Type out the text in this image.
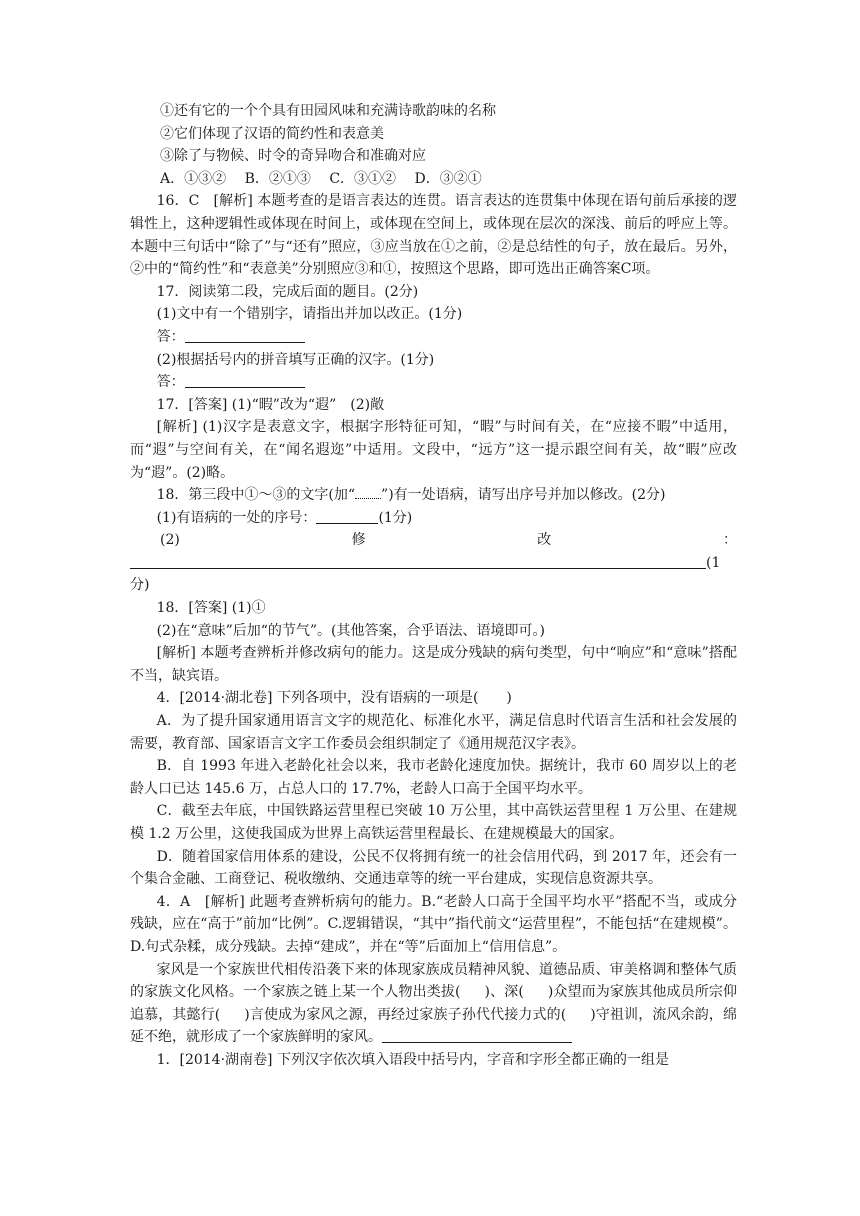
①还有它的一个个具有田园风味和充满诗歌韵味的名称

②它们体现了汉语的简约性和表意美

③除了与物候、时令的奇异吻合和准确对应

A．①③② B．②①③ C．③①② D．③②①

16．C　[解析] 本题考查的是语言表达的连贯。语言表达的连贯集中体现在语句前后承接的逻辑性上，这种逻辑性或体现在时间上，或体现在空间上，或体现在层次的深浅、前后的呼应上等。本题中三句话中“除了”与“还有”照应，③应当放在①之前，②是总结性的句子，放在最后。另外，②中的“简约性”和“表意美”分别照应③和①，按照这个思路，即可选出正确答案C项。

17．阅读第二段，完成后面的题目。(2分)

(1)文中有一个错别字，请指出并加以改正。(1分)

答：

(2)根据括号内的拼音填写正确的汉字。(1分)

答：

17．[答案] (1)“暇”改为“遐”　(2)敞

[解析] (1)汉字是表意文字，根据字形特征可知，“暇”与时间有关，在“应接不暇”中适用，而“遐”与空间有关，在“闻名遐迩”中适用。文段中，“远方”这一提示跟空间有关，故“暇”应改为“遐”。(2)略。

18．第三段中①～③的文字(加“ ”)有一处语病，请写出序号并加以修改。(2分)

(1)有语病的一处的序号：	(1分)

(2)	修	改	：

(1分)

18．[答案] (1)①

(2)在“意味”后加“的节气”。(其他答案，合乎语法、语境即可。)

[解析] 本题考查辨析并修改病句的能力。这是成分残缺的病句类型，句中“响应”和“意味”搭配不当，缺宾语。

4．[2014·湖北卷] 下列各项中，没有语病的一项是(　　)

A．为了提升国家通用语言文字的规范化、标准化水平，满足信息时代语言生活和社会发展的需要，教育部、国家语言文字工作委员会组织制定了《通用规范汉字表》。

B．自 1993 年进入老龄化社会以来，我市老龄化速度加快。据统计，我市 60 周岁以上的老龄人口已达 145.6 万，占总人口的 17.7%，老龄人口高于全国平均水平。

C．截至去年底，中国铁路运营里程已突破 10 万公里，其中高铁运营里程 1 万公里、在建规模 1.2 万公里，这使我国成为世界上高铁运营里程最长、在建规模最大的国家。

D．随着国家信用体系的建设，公民不仅将拥有统一的社会信用代码，到 2017 年，还会有一个集合金融、工商登记、税收缴纳、交通违章等的统一平台建成，实现信息资源共享。

4．A　[解析] 此题考查辨析病句的能力。B.“老龄人口高于全国平均水平”搭配不当，或成分残缺，应在“高于”前加“比例”。C.逻辑错误，“其中”指代前文“运营里程”，不能包括“在建规模”。D.句式杂糅，成分残缺。去掉“建成”，并在“等”后面加上“信用信息”。

家风是一个家族世代相传沿袭下来的体现家族成员精神风貌、道德品质、审美格调和整体气质的家族文化风格。一个家族之链上某一个人物出类拔( )、深( )众望而为家族其他成员所宗仰追慕，其懿行( )言使成为家风之源，再经过家族子孙代代接力式的( )守祖训，流风余韵，绵延不绝，就形成了一个家族鲜明的家风。

1．[2014·湖南卷] 下列汉字依次填入语段中括号内，字音和字形全都正确的一组是
